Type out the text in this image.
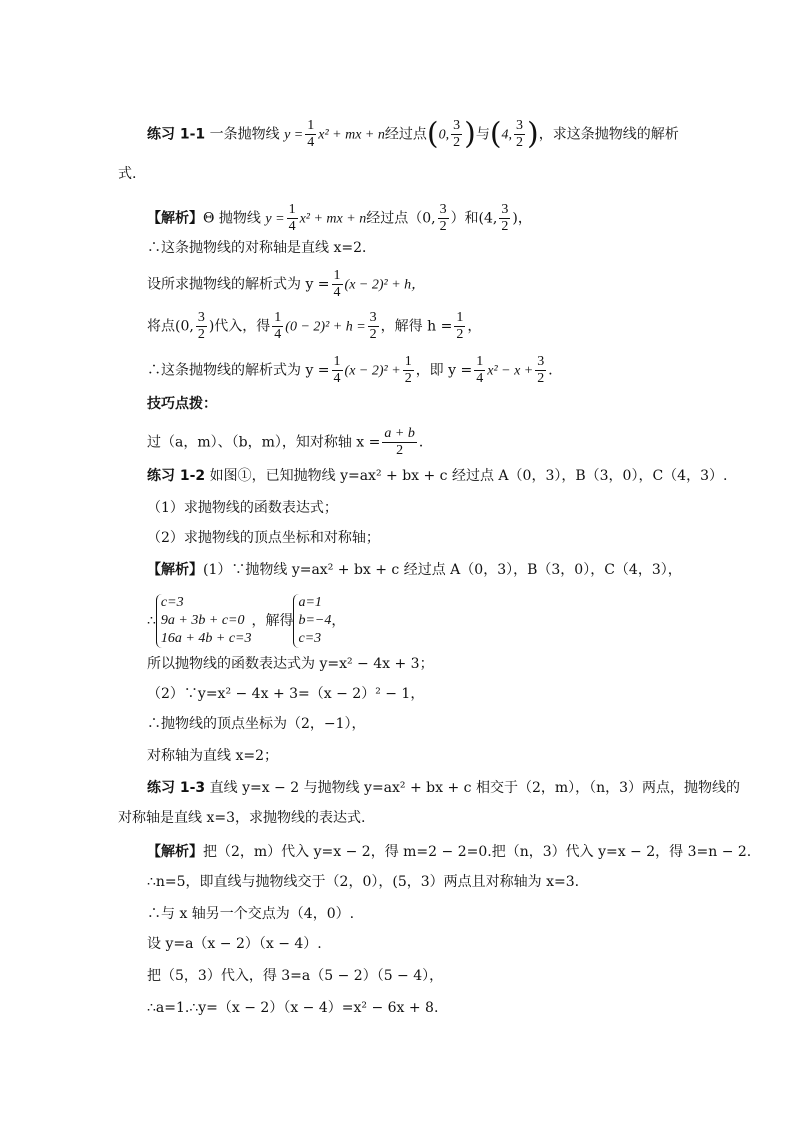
练习 1-1 一条抛物线 $y = \frac{1}{4} x^2$ + mx + n经过点(0, $\frac{3}{2}$ )与(4, $\frac{3}{2}$ )，求这条抛物线的解析
式.
【解析】Θ 抛物线 $y = \frac{1}{4} x^2$ + mx + n经过点（0, $\frac{3}{2}$ ）和(4, $\frac{3}{2}$ )，
∴这条抛物线的对称轴是直线 x=2．
设所求抛物线的解析式为 $y = \frac{1}{4} (x - 2)^2 + h$，
将点(0, $\frac{3}{2}$ )代入，得 $\frac{1}{4} (0 - 2)^2 + h = \frac{3}{2}$ ，解得 $h = \frac{1}{2}$ ，
∴这条抛物线的解析式为 $y = \frac{1}{4} (x - 2)^2 + \frac{1}{2}$ ，即 $y = \frac{1}{4} x^2 - x + \frac{3}{2}$ ．
技巧点拨：
过（a，m）、（b，m），知对称轴 $x = \frac{a + b}{2}$ ．
练习 1-2 如图①，已知抛物线 y=ax² + bx + c 经过点 A（0，3），B（3，0），C（4，3）.
（1）求抛物线的函数表达式；
（2）求抛物线的顶点坐标和对称轴；
【解析】(1）∵抛物线 y=ax² + bx + c 经过点 A（0，3），B（3，0），C（4，3），
∴
c=3
9a + 3b + c=0
16a + 4b + c=3
，解得
a=1
b=−4
c=3
，
所以抛物线的函数表达式为 y=x² − 4x + 3；
（2）∵y=x² − 4x + 3=（x − 2）² − 1，
∴抛物线的顶点坐标为（2，−1），
对称轴为直线 x=2；
练习 1-3 直线 y=x − 2 与抛物线 y=ax² + bx + c 相交于（2，m），（n，3）两点，抛物线的
对称轴是直线 x=3，求抛物线的表达式.
【解析】把（2，m）代入 y=x − 2，得 m=2 − 2=0.把（n，3）代入 y=x − 2，得 3=n − 2.
∴n=5，即直线与抛物线交于（2，0），(5，3）两点且对称轴为 x=3.
∴与 x 轴另一个交点为（4，0）.
设 y=a（x − 2）（x − 4）.
把（5，3）代入，得 3=a（5 − 2）（5 − 4），
∴a=1.∴y=（x − 2）（x − 4）=x² − 6x + 8.
